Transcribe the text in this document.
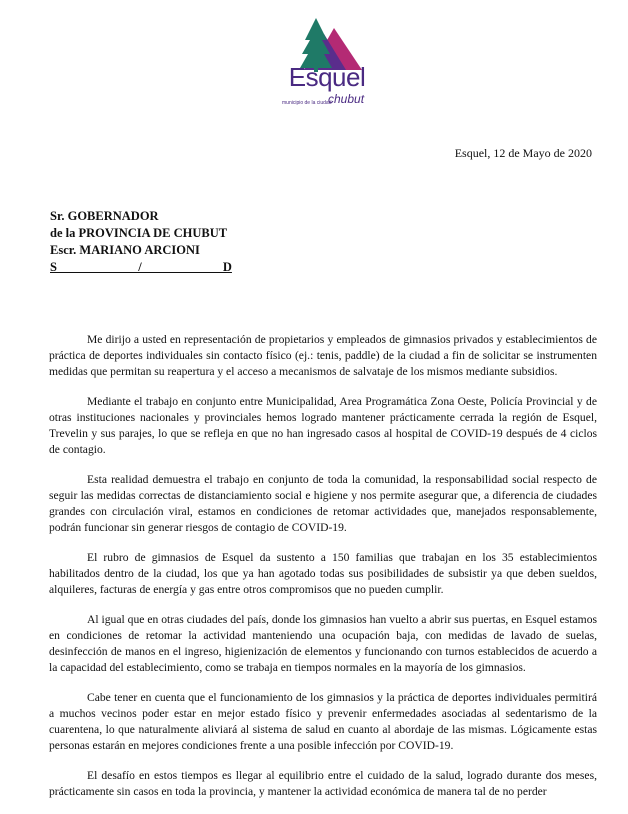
Esquel
municipio de la ciudad
chubut
Esquel, 12 de Mayo de 2020
Sr. GOBERNADOR
de la PROVINCIA DE CHUBUT
Escr. MARIANO ARCIONI
S_____________/_____________D

Me dirijo a usted en representación de propietarios y empleados de gimnasios privados y establecimientos de práctica de deportes individuales sin contacto físico (ej.: tenis, paddle) de la ciudad a fin de solicitar se instrumenten medidas que permitan su reapertura y el acceso a mecanismos de salvataje de los mismos mediante subsidios.

Mediante el trabajo en conjunto entre Municipalidad, Area Programática Zona Oeste, Policía Provincial y de otras instituciones nacionales y provinciales hemos logrado mantener prácticamente cerrada la región de Esquel, Trevelin y sus parajes, lo que se refleja en que no han ingresado casos al hospital de COVID-19 después de 4 ciclos de contagio.

Esta realidad demuestra el trabajo en conjunto de toda la comunidad, la responsabilidad social respecto de seguir las medidas correctas de distanciamiento social e higiene y nos permite asegurar que, a diferencia de ciudades grandes con circulación viral, estamos en condiciones de retomar actividades que, manejados responsablemente, podrán funcionar sin generar riesgos de contagio de COVID-19.

El rubro de gimnasios de Esquel da sustento a 150 familias que trabajan en los 35 establecimientos habilitados dentro de la ciudad, los que ya han agotado todas sus posibilidades de subsistir ya que deben sueldos, alquileres, facturas de energía y gas entre otros compromisos que no pueden cumplir.

Al igual que en otras ciudades del país, donde los gimnasios han vuelto a abrir sus puertas, en Esquel estamos en condiciones de retomar la actividad manteniendo una ocupación baja, con medidas de lavado de suelas, desinfección de manos en el ingreso, higienización de elementos y funcionando con turnos establecidos de acuerdo a la capacidad del establecimiento, como se trabaja en tiempos normales en la mayoría de los gimnasios.

Cabe tener en cuenta que el funcionamiento de los gimnasios y la práctica de deportes individuales permitirá a muchos vecinos poder estar en mejor estado físico y prevenir enfermedades asociadas al sedentarismo de la cuarentena, lo que naturalmente aliviará al sistema de salud en cuanto al abordaje de las mismas. Lógicamente estas personas estarán en mejores condiciones frente a una posible infección por COVID-19.

El desafío en estos tiempos es llegar al equilibrio entre el cuidado de la salud, logrado durante dos meses, prácticamente sin casos en toda la provincia, y mantener la actividad económica de manera tal de no perder
